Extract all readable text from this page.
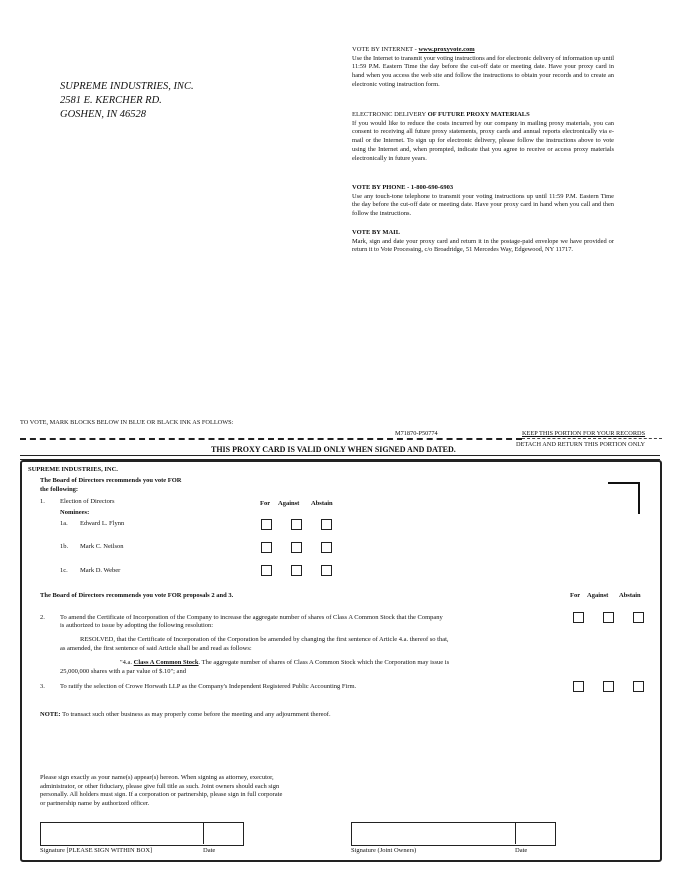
SUPREME INDUSTRIES, INC.
2581 E. KERCHER RD.
GOSHEN, IN 46528
VOTE BY INTERNET - www.proxyvote.com
Use the Internet to transmit your voting instructions and for electronic delivery of information up until 11:59 P.M. Eastern Time the day before the cut-off date or meeting date. Have your proxy card in hand when you access the web site and follow the instructions to obtain your records and to create an electronic voting instruction form.
ELECTRONIC DELIVERY OF FUTURE PROXY MATERIALS
If you would like to reduce the costs incurred by our company in mailing proxy materials, you can consent to receiving all future proxy statements, proxy cards and annual reports electronically via e-mail or the Internet. To sign up for electronic delivery, please follow the instructions above to vote using the Internet and, when prompted, indicate that you agree to receive or access proxy materials electronically in future years.
VOTE BY PHONE - 1-800-690-6903
Use any touch-tone telephone to transmit your voting instructions up until 11:59 P.M. Eastern Time the day before the cut-off date or meeting date. Have your proxy card in hand when you call and then follow the instructions.
VOTE BY MAIL
Mark, sign and date your proxy card and return it in the postage-paid envelope we have provided or return it to Vote Processing, c/o Broadridge, 51 Mercedes Way, Edgewood, NY 11717.
TO VOTE, MARK BLOCKS BELOW IN BLUE OR BLACK INK AS FOLLOWS:
M71870-P50774	KEEP THIS PORTION FOR YOUR RECORDS
DETACH AND RETURN THIS PORTION ONLY
THIS PROXY CARD IS VALID ONLY WHEN SIGNED AND DATED.
SUPREME INDUSTRIES, INC.
The Board of Directors recommends you vote FOR
the following:
1. Election of Directors	For Against Abstain
Nominees:
1a. Edward L. Flynn
1b. Mark C. Neilson
1c. Mark D. Weber
The Board of Directors recommends you vote FOR proposals 2 and 3.	For Against Abstain
2. To amend the Certificate of Incorporation of the Company to increase the aggregate number of shares of Class A Common Stock that the Company
is authorized to issue by adopting the following resolution:
RESOLVED, that the Certificate of Incorporation of the Corporation be amended by changing the first sentence of Article 4.a. thereof so that,
as amended, the first sentence of said Article shall be and read as follows:
"4.a. Class A Common Stock. The aggregate number of shares of Class A Common Stock which the Corporation may issue is
25,000,000 shares with a par value of $.10"; and
3. To ratify the selection of Crowe Horwath LLP as the Company's Independent Registered Public Accounting Firm.
NOTE: To transact such other business as may properly come before the meeting and any adjournment thereof.
Please sign exactly as your name(s) appear(s) hereon. When signing as attorney, executor,
administrator, or other fiduciary, please give full title as such. Joint owners should each sign
personally. All holders must sign. If a corporation or partnership, please sign in full corporate
or partnership name by authorized officer.
Signature [PLEASE SIGN WITHIN BOX]	Date	Signature (Joint Owners)	Date
